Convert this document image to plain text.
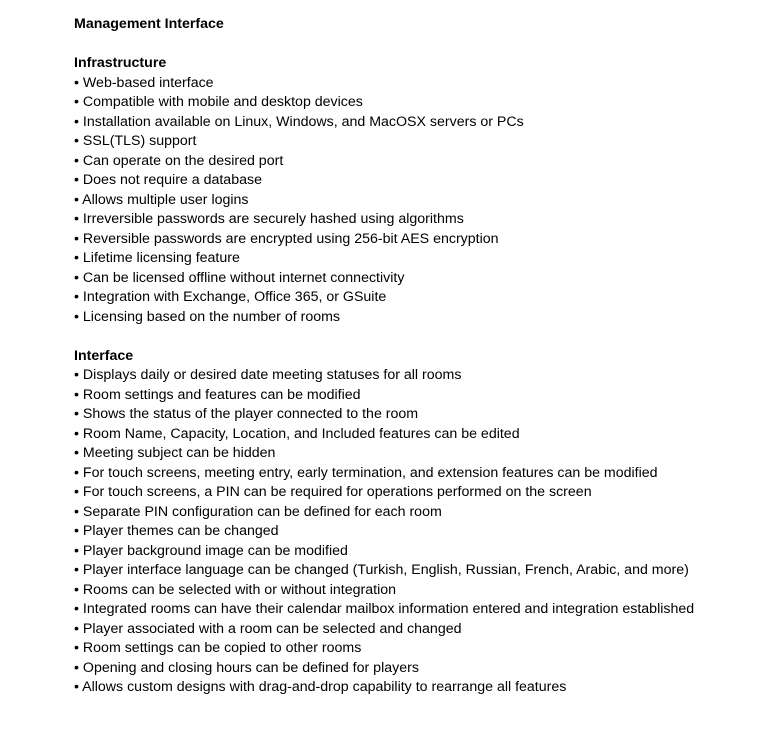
Management Interface
Infrastructure
• Web-based interface
• Compatible with mobile and desktop devices
• Installation available on Linux, Windows, and MacOSX servers or PCs
• SSL(TLS) support
• Can operate on the desired port
• Does not require a database
• Allows multiple user logins
• Irreversible passwords are securely hashed using algorithms
• Reversible passwords are encrypted using 256-bit AES encryption
• Lifetime licensing feature
• Can be licensed offline without internet connectivity
• Integration with Exchange, Office 365, or GSuite
• Licensing based on the number of rooms
Interface
• Displays daily or desired date meeting statuses for all rooms
• Room settings and features can be modified
• Shows the status of the player connected to the room
• Room Name, Capacity, Location, and Included features can be edited
• Meeting subject can be hidden
• For touch screens, meeting entry, early termination, and extension features can be modified
• For touch screens, a PIN can be required for operations performed on the screen
• Separate PIN configuration can be defined for each room
• Player themes can be changed
• Player background image can be modified
• Player interface language can be changed (Turkish, English, Russian, French, Arabic, and more)
• Rooms can be selected with or without integration
• Integrated rooms can have their calendar mailbox information entered and integration established
• Player associated with a room can be selected and changed
• Room settings can be copied to other rooms
• Opening and closing hours can be defined for players
• Allows custom designs with drag-and-drop capability to rearrange all features
